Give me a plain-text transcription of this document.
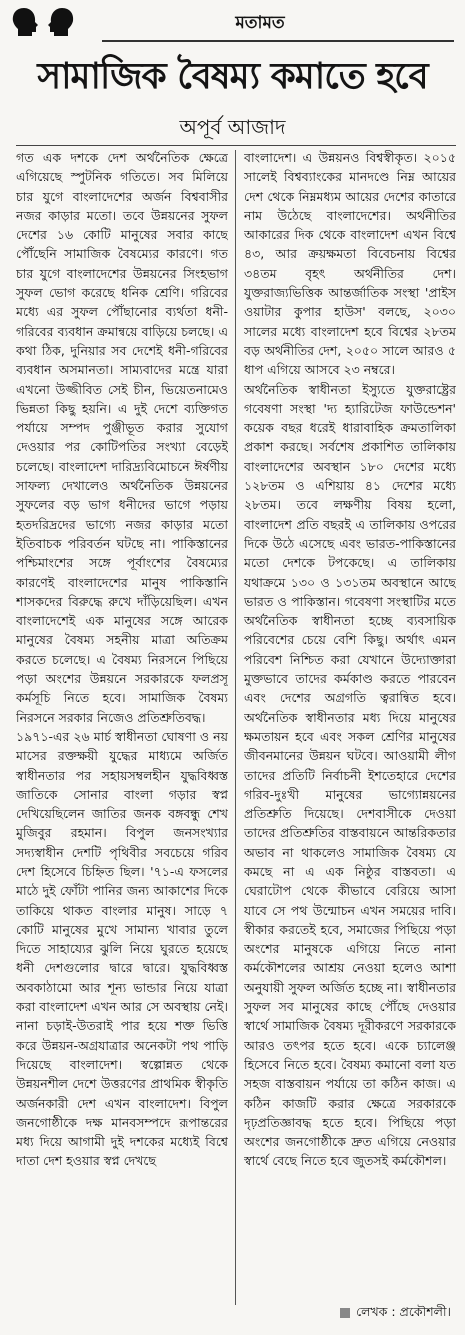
মতামত
সামাজিক বৈষম্য কমাতে হবে
অপূর্ব আজাদ

গত এক দশকে দেশ অর্থনৈতিক ক্ষেত্রে এগিয়েছে স্পুটনিক গতিতে। সব মিলিয়ে চার যুগে বাংলাদেশের অর্জন বিশ্ববাসীর নজর কাড়ার মতো। তবে উন্নয়নের সুফল দেশের ১৬ কোটি মানুষের সবার কাছে পৌঁছেনি সামাজিক বৈষম্যের কারণে। গত চার যুগে বাংলাদেশের উন্নয়নের সিংহভাগ সুফল ভোগ করেছে ধনিক শ্রেণি। গরিবের মধ্যে এর সুফল পৌঁছানোর ব্যর্থতা ধনী-গরিবের ব্যবধান ক্রমান্বয়ে বাড়িয়ে চলছে। এ কথা ঠিক, দুনিয়ার সব দেশেই ধনী-গরিবের ব্যবধান অসমানতা। সাম্যবাদের মন্ত্রে যারা এখনো উজ্জীবিত সেই চীন, ভিয়েতনামেও ভিন্নতা কিছু হয়নি। এ দুই দেশে ব্যক্তিগত পর্যায়ে সম্পদ পুঞ্জীভূত করার সুযোগ দেওয়ার পর কোটিপতির সংখ্যা বেড়েই চলেছে। বাংলাদেশ দারিদ্র্যবিমোচনে ঈর্ষণীয় সাফল্য দেখালেও অর্থনৈতিক উন্নয়নের সুফলের বড় ভাগ ধনীদের ভাগে পড়ায় হতদরিদ্রদের ভাগ্যে নজর কাড়ার মতো ইতিবাচক পরিবর্তন ঘটছে না। পাকিস্তানের পশ্চিমাংশের সঙ্গে পূর্বাংশের বৈষম্যের কারণেই বাংলাদেশের মানুষ পাকিস্তানি শাসকদের বিরুদ্ধে রুখে দাঁড়িয়েছিল। এখন বাংলাদেশেই এক মানুষের সঙ্গে আরেক মানুষের বৈষম্য সহনীয় মাত্রা অতিক্রম করতে চলেছে। এ বৈষম্য নিরসনে পিছিয়ে পড়া অংশের উন্নয়নে সরকারকে ফলপ্রসূ কর্মসূচি নিতে হবে। সামাজিক বৈষম্য নিরসনে সরকার নিজেও প্রতিশ্রুতিবদ্ধ।

১৯৭১-এর ২৬ মার্চ স্বাধীনতা ঘোষণা ও নয় মাসের রক্তক্ষয়ী যুদ্ধের মাধ্যমে অর্জিত স্বাধীনতার পর সহায়সম্বলহীন যুদ্ধবিধ্বস্ত জাতিকে সোনার বাংলা গড়ার স্বপ্ন দেখিয়েছিলেন জাতির জনক বঙ্গবন্ধু শেখ মুজিবুর রহমান। বিপুল জনসংখ্যার সদ্যস্বাধীন দেশটি পৃথিবীর সবচেয়ে গরিব দেশ হিসেবে চিহ্নিত ছিল। '৭১-এ ফসলের মাঠে দুই ফোঁটা পানির জন্য আকাশের দিকে তাকিয়ে থাকত বাংলার মানুষ। সাড়ে ৭ কোটি মানুষের মুখে সামান্য খাবার তুলে দিতে সাহায্যের ঝুলি নিয়ে ঘুরতে হয়েছে ধনী দেশগুলোর দ্বারে দ্বারে। যুদ্ধবিধ্বস্ত অবকাঠামো আর শূন্য ভান্ডার নিয়ে যাত্রা করা বাংলাদেশ এখন আর সে অবস্থায় নেই। নানা চড়াই-উতরাই পার হয়ে শক্ত ভিত্তি করে উন্নয়ন-অগ্রযাত্রার অনেকটা পথ পাড়ি দিয়েছে বাংলাদেশ। স্বল্পোন্নত থেকে উন্নয়নশীল দেশে উত্তরণের প্রাথমিক স্বীকৃতি অর্জনকারী দেশ এখন বাংলাদেশ। বিপুল জনগোষ্ঠীকে দক্ষ মানবসম্পদে রূপান্তরের মধ্য দিয়ে আগামী দুই দশকের মধ্যেই বিশ্বে দাতা দেশ হওয়ার স্বপ্ন দেখছে

বাংলাদেশ। এ উন্নয়নও বিশ্বস্বীকৃত। ২০১৫ সালেই বিশ্বব্যাংকের মানদণ্ডে নিম্ন আয়ের দেশ থেকে নিম্নমধ্যম আয়ের দেশের কাতারে নাম উঠেছে বাংলাদেশের। অর্থনীতির আকারের দিক থেকে বাংলাদেশ এখন বিশ্বে ৪৩, আর ক্রয়ক্ষমতা বিবেচনায় বিশ্বের ৩৪তম বৃহৎ অর্থনীতির দেশ। যুক্তরাজ্যভিত্তিক আন্তর্জাতিক সংস্থা 'প্রাইস ওয়াটার কুপার হাউস' বলছে, ২০৩০ সালের মধ্যে বাংলাদেশ হবে বিশ্বের ২৮তম বড় অর্থনীতির দেশ, ২০৫০ সালে আরও ৫ ধাপ এগিয়ে আসবে ২৩ নম্বরে।

অর্থনৈতিক স্বাধীনতা ইস্যুতে যুক্তরাষ্ট্রের গবেষণা সংস্থা 'দ্য হ্যারিটেজ ফাউন্ডেশন' কয়েক বছর ধরেই ধারাবাহিক ক্রমতালিকা প্রকাশ করছে। সর্বশেষ প্রকাশিত তালিকায় বাংলাদেশের অবস্থান ১৮০ দেশের মধ্যে ১২৮তম ও এশিয়ায় ৪১ দেশের মধ্যে ২৮তম। তবে লক্ষণীয় বিষয় হলো, বাংলাদেশ প্রতি বছরই এ তালিকায় ওপরের দিকে উঠে এসেছে এবং ভারত-পাকিস্তানের মতো দেশকে টপকেছে। এ তালিকায় যথাক্রমে ১৩০ ও ১৩১তম অবস্থানে আছে ভারত ও পাকিস্তান। গবেষণা সংস্থাটির মতে অর্থনৈতিক স্বাধীনতা হচ্ছে ব্যবসায়িক পরিবেশের চেয়ে বেশি কিছু। অর্থাৎ এমন পরিবেশ নিশ্চিত করা যেখানে উদ্যোক্তারা মুক্তভাবে তাদের কর্মকাণ্ড করতে পারবেন এবং দেশের অগ্রগতি ত্বরান্বিত হবে। অর্থনৈতিক স্বাধীনতার মধ্য দিয়ে মানুষের ক্ষমতায়ন হবে এবং সকল শ্রেণির মানুষের জীবনমানের উন্নয়ন ঘটবে। আওয়ামী লীগ তাদের প্রতিটি নির্বাচনী ইশতেহারে দেশের গরিব-দুঃখী মানুষের ভাগ্যোন্নয়নের প্রতিশ্রুতি দিয়েছে। দেশবাসীকে দেওয়া তাদের প্রতিশ্রুতির বাস্তবায়নে আন্তরিকতার অভাব না থাকলেও সামাজিক বৈষম্য যে কমছে না এ এক নিষ্ঠুর বাস্তবতা। এ ঘেরাটোপ থেকে কীভাবে বেরিয়ে আসা যাবে সে পথ উন্মোচন এখন সময়ের দাবি। স্বীকার করতেই হবে, সমাজের পিছিয়ে পড়া অংশের মানুষকে এগিয়ে নিতে নানা কর্মকৌশলের আশ্রয় নেওয়া হলেও আশা অনুযায়ী সুফল অর্জিত হচ্ছে না। স্বাধীনতার সুফল সব মানুষের কাছে পৌঁছে দেওয়ার স্বার্থে সামাজিক বৈষম্য দূরীকরণে সরকারকে আরও তৎপর হতে হবে। একে চ্যালেঞ্জ হিসেবে নিতে হবে। বৈষম্য কমানো বলা যত সহজ বাস্তবায়ন পর্যায়ে তা কঠিন কাজ। এ কঠিন কাজটি করার ক্ষেত্রে সরকারকে দৃঢ়প্রতিজ্ঞাবদ্ধ হতে হবে। পিছিয়ে পড়া অংশের জনগোষ্ঠীকে দ্রুত এগিয়ে নেওয়ার স্বার্থে বেছে নিতে হবে জুতসই কর্মকৌশল।

লেখক : প্রকৌশলী।
